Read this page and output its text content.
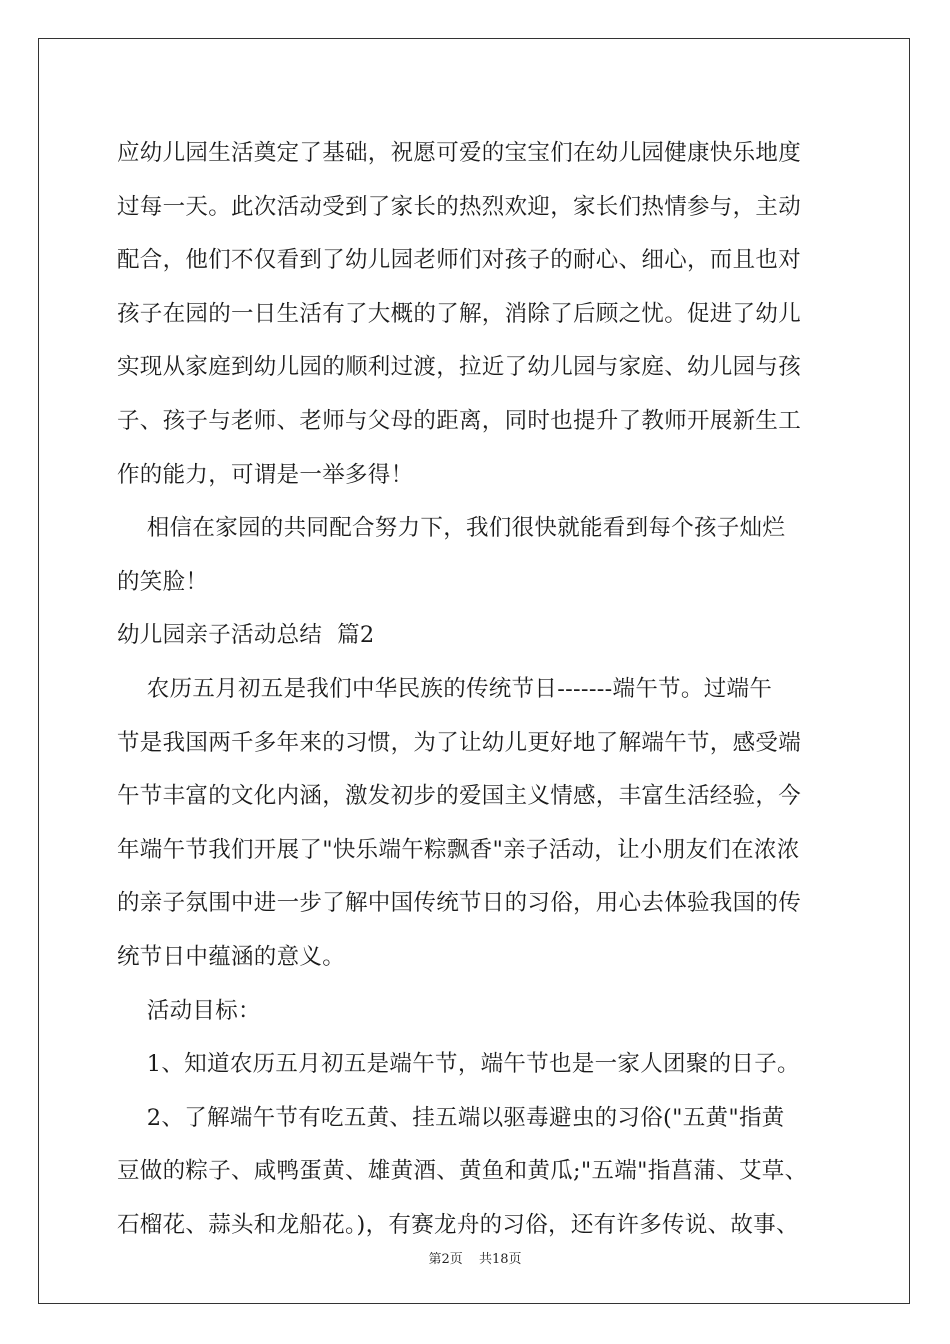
应幼儿园生活奠定了基础，祝愿可爱的宝宝们在幼儿园健康快乐地度
过每一天。此次活动受到了家长的热烈欢迎，家长们热情参与，主动
配合，他们不仅看到了幼儿园老师们对孩子的耐心、细心，而且也对
孩子在园的一日生活有了大概的了解，消除了后顾之忧。促进了幼儿
实现从家庭到幼儿园的顺利过渡，拉近了幼儿园与家庭、幼儿园与孩
子、孩子与老师、老师与父母的距离，同时也提升了教师开展新生工
作的能力，可谓是一举多得！
相信在家园的共同配合努力下，我们很快就能看到每个孩子灿烂
的笑脸！
幼儿园亲子活动总结  篇2
农历五月初五是我们中华民族的传统节日-------端午节。过端午
节是我国两千多年来的习惯，为了让幼儿更好地了解端午节，感受端
午节丰富的文化内涵，激发初步的爱国主义情感，丰富生活经验，今
年端午节我们开展了"快乐端午粽飘香"亲子活动，让小朋友们在浓浓
的亲子氛围中进一步了解中国传统节日的习俗，用心去体验我国的传
统节日中蕴涵的意义。
活动目标：
1、知道农历五月初五是端午节，端午节也是一家人团聚的日子。
2、了解端午节有吃五黄、挂五端以驱毒避虫的习俗("五黄"指黄
豆做的粽子、咸鸭蛋黄、雄黄酒、黄鱼和黄瓜;"五端"指菖蒲、艾草、
石榴花、蒜头和龙船花。)，有赛龙舟的习俗，还有许多传说、故事、
第2页 共18页
